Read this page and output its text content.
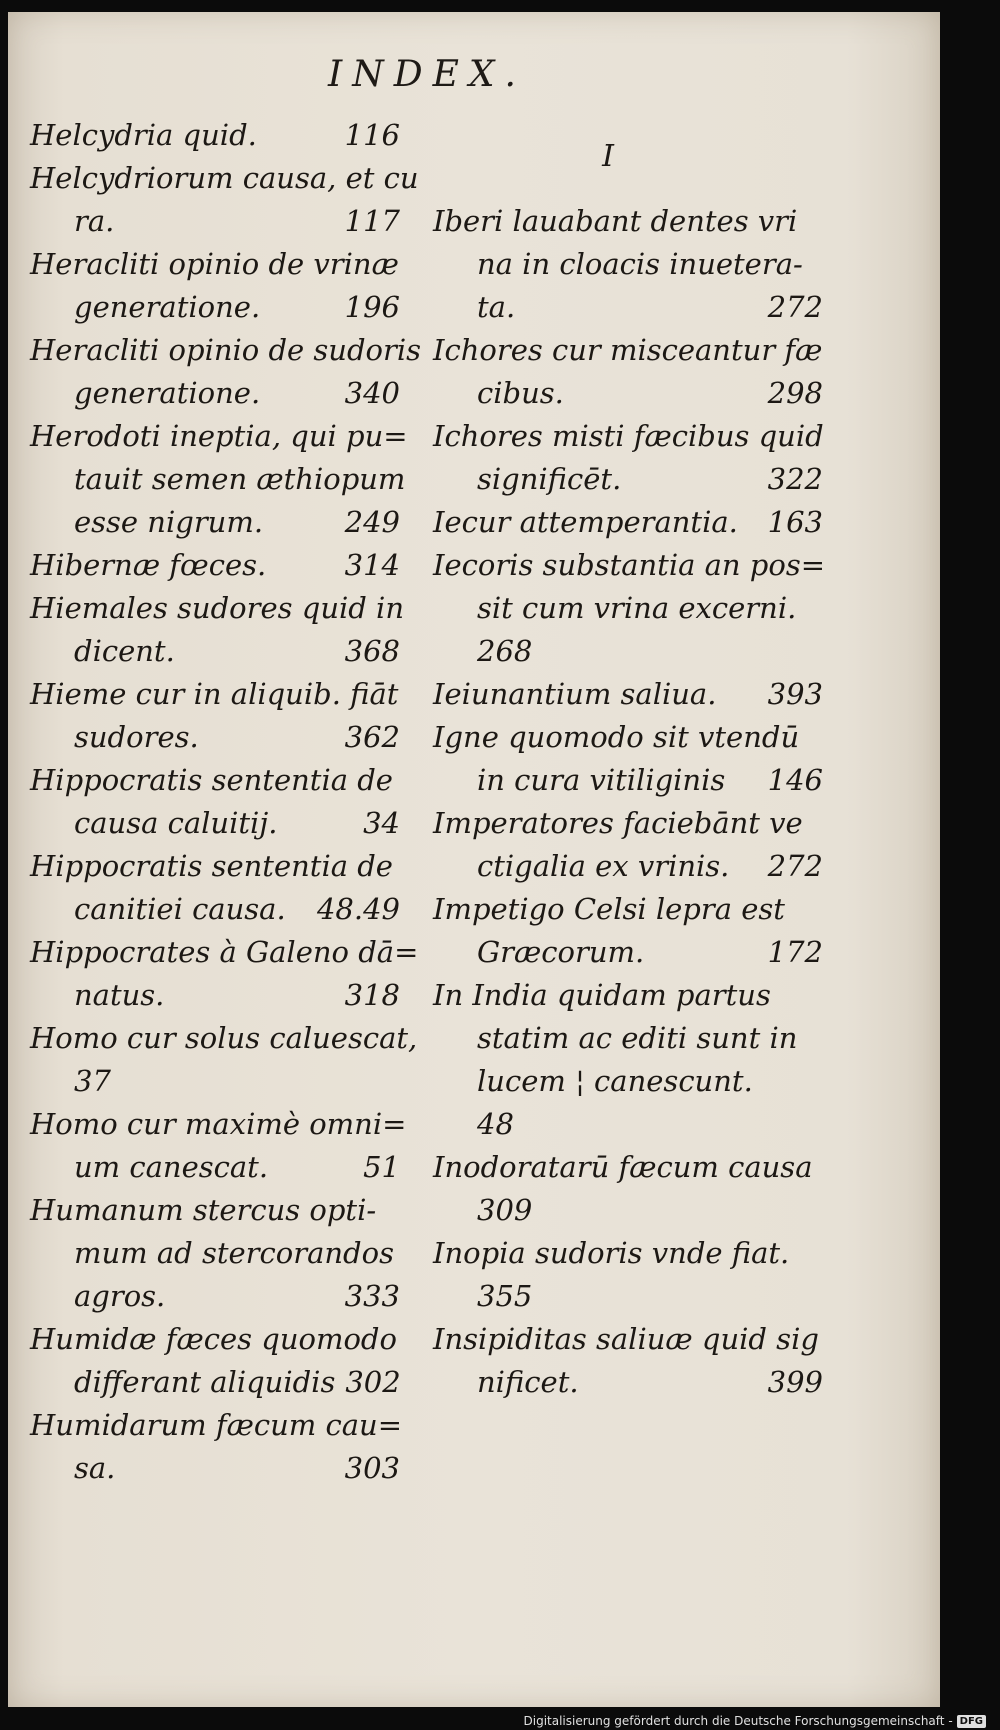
INDEX.
Helcydria quid.	116
Helcydriorum causa, et cu
ra.	117
Heracliti opinio de vrinæ
generatione.	196
Heracliti opinio de sudoris
generatione.	340
Herodoti ineptia, qui pu=
tauit semen æthiopum
esse nigrum.	249
Hibernæ fœces.	314
Hiemales sudores quid in
dicent.	368
Hieme cur in aliquib. fiāt
sudores.	362
Hippocratis sententia de
causa caluitij.	34
Hippocratis sententia de
canitiei causa. 48.49
Hippocrates à Galeno dā=
natus.	318
Homo cur solus caluescat,
37
Homo cur maximè omni=
um canescat.	51
Humanum stercus opti-
mum ad stercorandos
agros.	333
Humidæ fæces quomodo
differant aliquidis 302
Humidarum fæcum cau=
sa.	303
I
Iberi lauabant dentes vri
na in cloacis inuetera-
ta.	272
Ichores cur misceantur fæ
cibus.	298
Ichores misti fæcibus quid
significēt.	322
Iecur attemperantia. 163
Iecoris substantia an pos=
sit cum vrina excerni.
268
Ieiunantium saliua. 393
Igne quomodo sit vtendū
in cura vitiliginis 146
Imperatores faciebānt ve
ctigalia ex vrinis. 272
Impetigo Celsi lepra est
Græcorum.	172
In India quidam partus
statim ac editi sunt in
lucem ¦ canescunt.
48
Inodoratarū fæcum causa
309
Inopia sudoris vnde fiat.
355
Insipiditas saliuæ quid sig
nificet.	399
Digitalisierung gefördert durch die Deutsche Forschungsgemeinschaft - DFG
